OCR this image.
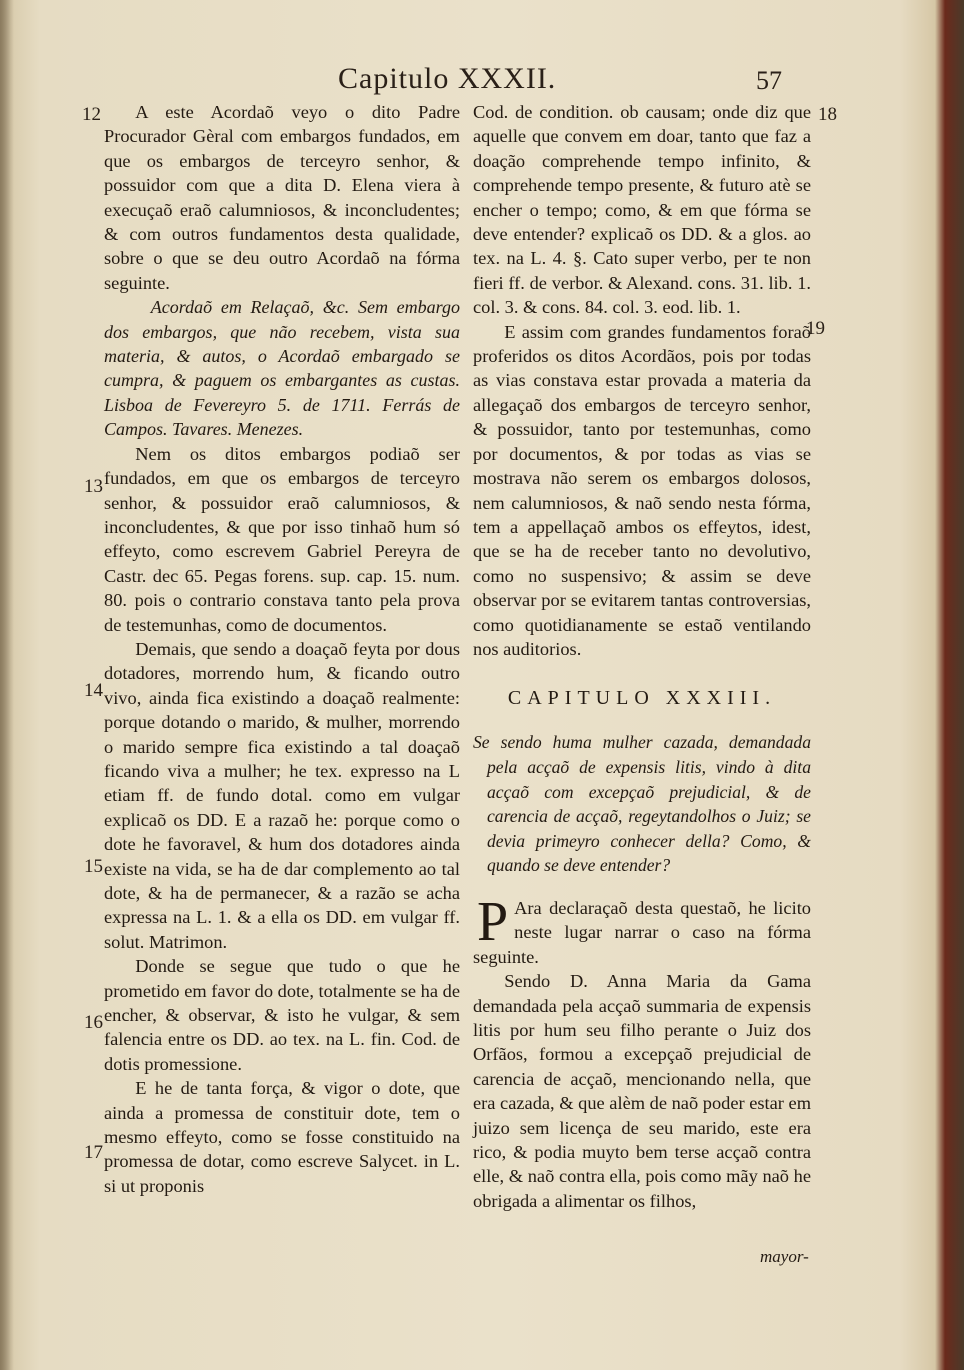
Capitulo XXXII.	57
12
13
14
15
16
17
18
19

A este Acordaõ veyo o dito Padre Procurador Gèral com embargos fundados, em que os embargos de terceyro senhor, & possuidor com que a dita D. Elena viera à execuçaõ eraõ calumniosos, & inconcludentes; & com outros fundamentos desta qualidade, sobre o que se deu outro Acordaõ na fórma seguinte.

Acordaõ em Relaçaõ, &c. Sem embargo dos embargos, que não recebem, vista sua materia, & autos, o Acordaõ embargado se cumpra, & paguem os embargantes as custas. Lisboa de Fevereyro 5. de 1711. Ferrás de Campos. Tavares. Menezes.

Nem os ditos embargos podiaõ ser fundados, em que os embargos de terceyro senhor, & possuidor eraõ calumniosos, & inconcludentes, & que por isso tinhaõ hum só effeyto, como escrevem Gabriel Pereyra de Castr. dec 65. Pegas forens. sup. cap. 15. num. 80. pois o contrario constava tanto pela prova de testemunhas, como de documentos.

Demais, que sendo a doaçaõ feyta por dous dotadores, morrendo hum, & ficando outro vivo, ainda fica existindo a doaçaõ realmente: porque dotando o marido, & mulher, morrendo o marido sempre fica existindo a tal doaçaõ ficando viva a mulher; he tex. expresso na L etiam ff. de fundo dotal. como em vulgar explicaõ os DD. E a razaõ he: porque como o dote he favoravel, & hum dos dotadores ainda existe na vida, se ha de dar complemento ao tal dote, & ha de permanecer, & a razão se acha expressa na L. 1. & a ella os DD. em vulgar ff. solut. Matrimon.

Donde se segue que tudo o que he prometido em favor do dote, totalmente se ha de encher, & observar, & isto he vulgar, & sem falencia entre os DD. ao tex. na L. fin. Cod. de dotis promessione.

E he de tanta força, & vigor o dote, que ainda a promessa de constituir dote, tem o mesmo effeyto, como se fosse constituido na promessa de dotar, como escreve Salycet. in L. si ut proponis

Cod. de condition. ob causam; onde diz que aquelle que convem em doar, tanto que faz a doação comprehende tempo infinito, & comprehende tempo presente, & futuro atè se encher o tempo; como, & em que fórma se deve entender? explicaõ os DD. & a glos. ao tex. na L. 4. §. Cato super verbo, per te non fieri ff. de verbor. & Alexand. cons. 31. lib. 1. col. 3. & cons. 84. col. 3. eod. lib. 1.

E assim com grandes fundamentos foraõ proferidos os ditos Acordãos, pois por todas as vias constava estar provada a materia da allegaçaõ dos embargos de terceyro senhor, & possuidor, tanto por testemunhas, como por documentos, & por todas as vias se mostrava não serem os embargos dolosos, nem calumniosos, & naõ sendo nesta fórma, tem a appellaçaõ ambos os effeytos, idest, que se ha de receber tanto no devolutivo, como no suspensivo; & assim se deve observar por se evitarem tantas controversias, como quotidianamente se estaõ ventilando nos auditorios.

CAPITULO XXXIII.

Se sendo huma mulher cazada, demandada pela acçaõ de expensis litis, vindo à dita acçaõ com excepçaõ prejudicial, & de carencia de acçaõ, regeytandolhos o Juiz; se devia primeyro conhecer della? Como, & quando se deve entender?

P Ara declaraçaõ desta questaõ, he licito neste lugar narrar o caso na fórma seguinte.

Sendo D. Anna Maria da Gama demandada pela acçaõ summaria de expensis litis por hum seu filho perante o Juiz dos Orfãos, formou a excepçaõ prejudicial de carencia de acçaõ, mencionando nella, que era cazada, & que alèm de naõ poder estar em juizo sem licença de seu marido, este era rico, & podia muyto bem terse acçaõ contra elle, & naõ contra ella, pois como mãy naõ he obrigada a alimentar os filhos,

mayor-
